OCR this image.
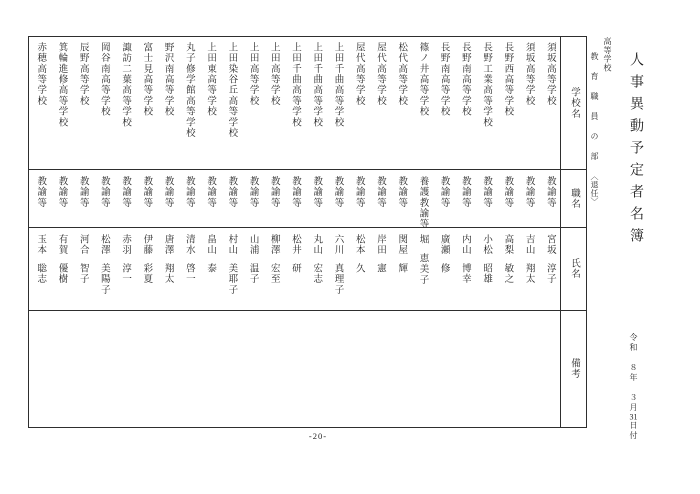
須坂高等学校
須坂高等学校
長野西高等学校
長野工業高等学校
長野南高等学校
長野南高等学校
篠ノ井高等学校
松代高等学校
屋代高等学校
屋代高等学校
上田千曲高等学校
上田千曲高等学校
上田千曲高等学校
上田高等学校
上田高等学校
上田染谷丘高等学校
上田東高等学校
丸子修学館高等学校
野沢南高等学校
富士見高等学校
諏訪二葉高等学校
岡谷南高等学校
辰野高等学校
箕輪進修高等学校
赤穂高等学校
教諭等
教諭等
教諭等
教諭等
教諭等
教諭等
養護教諭等
教諭等
教諭等
教諭等
教諭等
教諭等
教諭等
教諭等
教諭等
教諭等
教諭等
教諭等
教諭等
教諭等
教諭等
教諭等
教諭等
教諭等
教諭等
宮坂
淳子
吉山
翔太
高梨
敏之
小松
昭雄
内山
博幸
廣瀬
修
堀
恵美子
関屋
輝
岸田
憲
松本
久
六川
真理子
丸山
宏志
松井
研
柳澤
宏至
山浦
温子
村山
美耶子
畠山
泰
清水
啓一
唐澤
翔太
伊藤
彩夏
赤羽
淳一
松澤
美陽子
河合
智子
有賀
優樹
玉本
聡志
学校名
職名
氏名
備考
高等学校
教育職員の部〈退任〉 人事異動予定者名簿
令和　８年　３月31日付
-20-
